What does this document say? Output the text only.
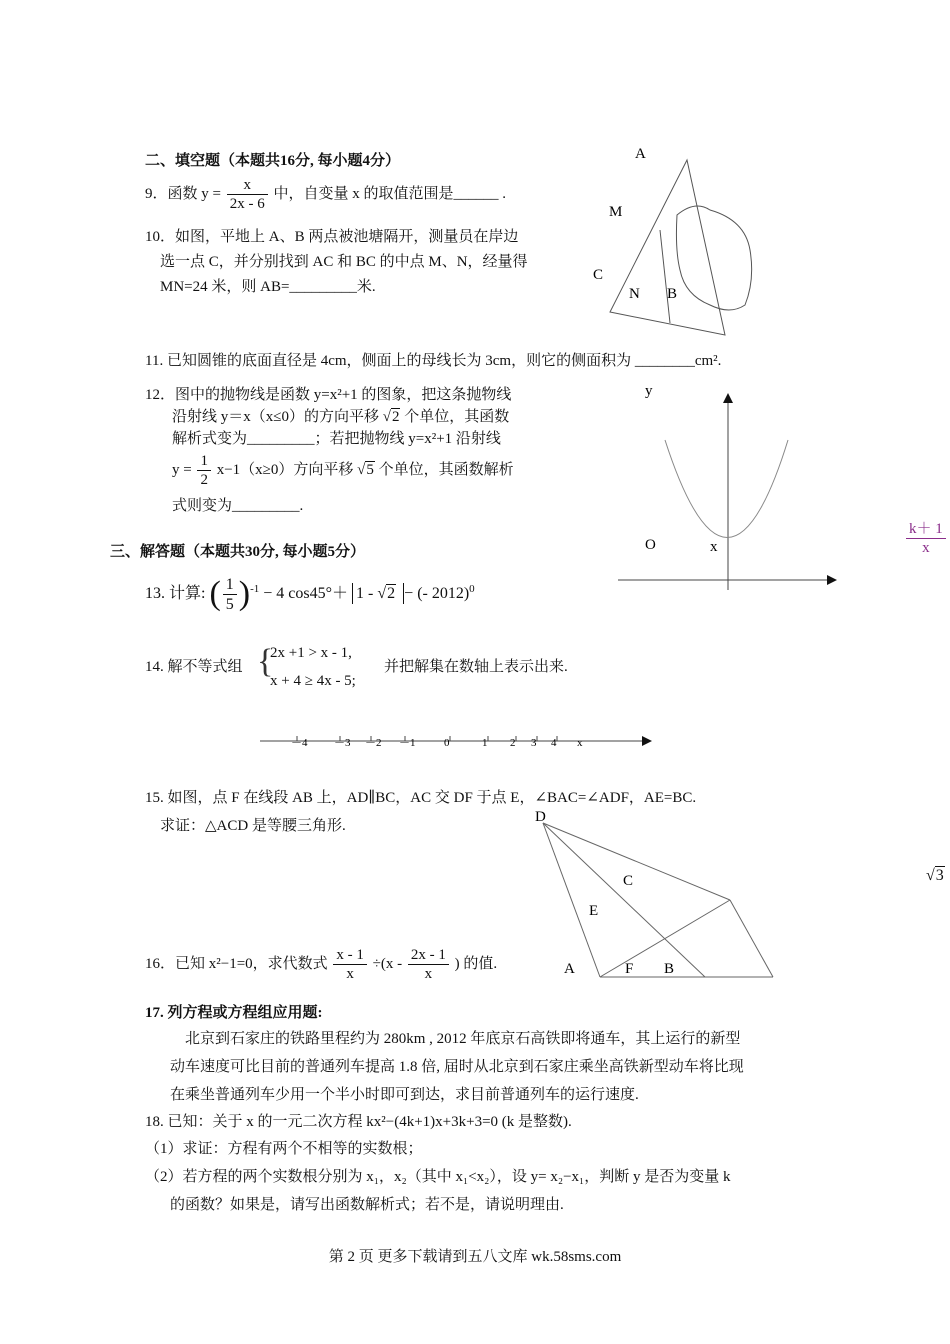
二、填空题（本题共16分, 每小题4分）
9．函数 $y = \frac{x}{2x - 6}$ 中，自变量 x 的取值范围是______ .
10．如图，平地上 A、B 两点被池塘隔开，测量员在岸边
选一点 C，并分别找到 AC 和 BC 的中点 M、N，经量得
MN=24 米，则 AB=_________米.
A
M
C
N B
11. 已知圆锥的底面直径是 4cm，侧面上的母线长为 3cm，则它的侧面积为 ________cm².
12．图中的抛物线是函数 y=x²+1 的图象，把这条抛物线
沿射线 y＝x（x≤0）的方向平移 √2 个单位，其函数
解析式变为_________；若把抛物线 y=x²+1 沿射线
$y = \frac{1}{2} x-1(x\ge 0)$方向平移 √5 个单位，其函数解析
式则变为_________.
y
O	x
三、解答题（本题共30分, 每小题5分）
13. 计算: ( $\frac{1}{5} )^{-1} - 4$ cos45°＋ 1 - √2 − (- 2012)$^0$
14. 解不等式组 {
2x +1 > x - 1,
x + 4 ≥ 4x - 5;
并把解集在数轴上表示出来.
－4 －3 －2 －1	0	1 2 3 4 x
15. 如图，点 F 在线段 AB 上，AD∥BC，AC 交 DF 于点 E，∠BAC=∠ADF，AE=BC.
求证：△ACD 是等腰三角形.
D
C
E
A	F B
16．已知 x²−1=0，求代数式 $\frac{x - 1}{x} \div(x - \frac{2x - 1}{x}$ ) 的值.
17. 列方程或方程组应用题:
北京到石家庄的铁路里程约为 280km , 2012 年底京石高铁即将通车，其上运行的新型
动车速度可比目前的普通列车提高 1.8 倍, 届时从北京到石家庄乘坐高铁新型动车将比现
在乘坐普通列车少用一个半小时即可到达，求目前普通列车的运行速度.
18. 已知：关于 x 的一元二次方程 kx²−(4k+1)x+3k+3=0 (k 是整数).
（1）求证：方程有两个不相等的实数根；
（2）若方程的两个实数根分别为 x₁，x₂（其中 x₁<x₂），设 y= x₂−x₁，判断 y 是否为变量 k
的函数？如果是，请写出函数解析式；若不是，请说明理由.
$\frac{k+ 1}{x}$
√3
第 2 页 更多下载请到五八文库 wk.58sms.com
